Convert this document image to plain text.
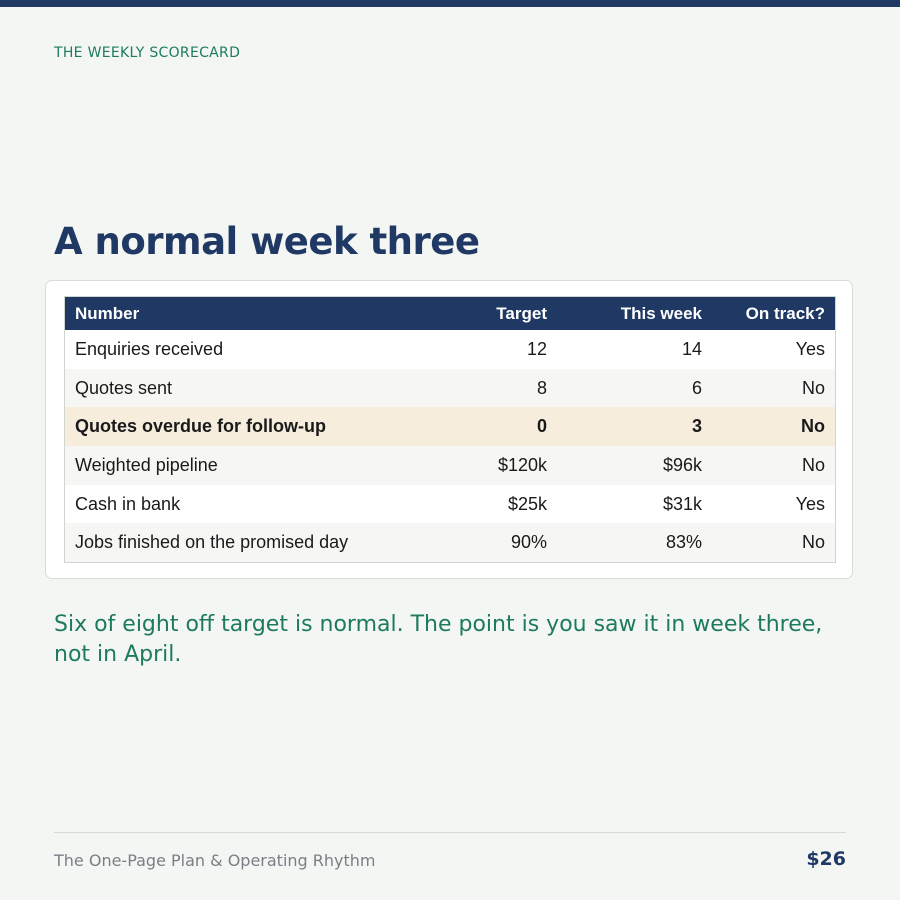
THE WEEKLY SCORECARD
A normal week three
Number	Target	This week	On track?
Enquiries received	12	14	Yes
Quotes sent	8	6	No
Quotes overdue for follow-up	0	3	No
Weighted pipeline	$120k	$96k	No
Cash in bank	$25k	$31k	Yes
Jobs finished on the promised day	90%	83%	No

Six of eight off target is normal. The point is you saw it in week three, not in April.

The One-Page Plan & Operating Rhythm	$26
